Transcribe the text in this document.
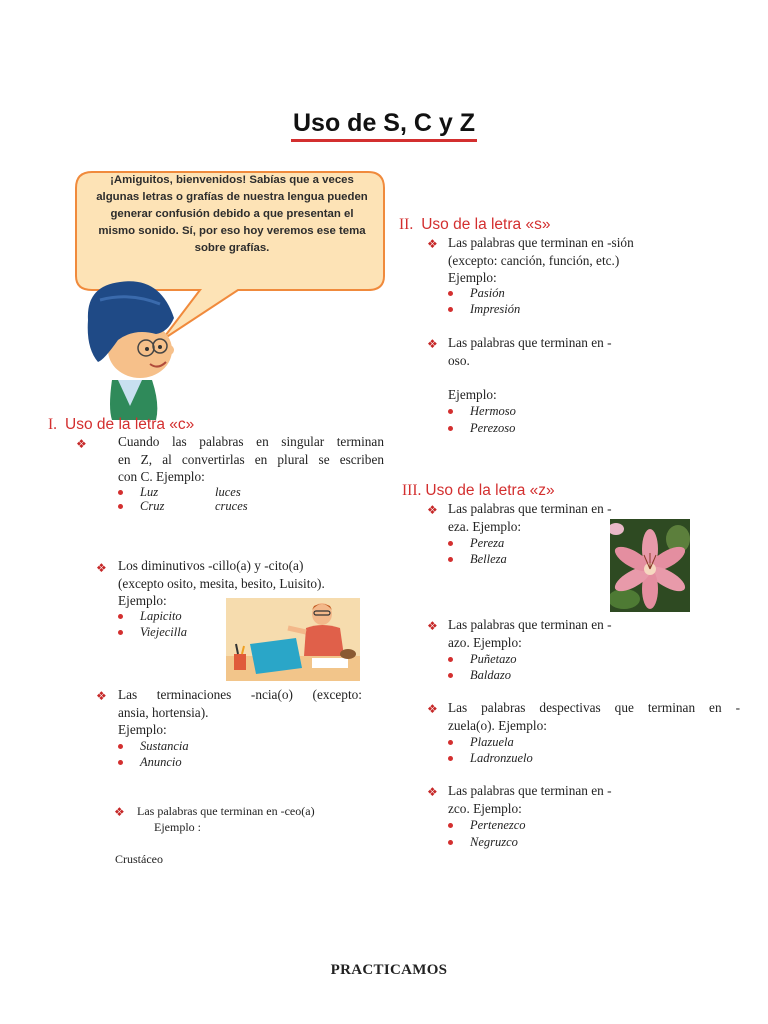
Uso de S, C y Z
¡Amiguitos, bienvenidos! Sabías que a veces
algunas letras o grafías de nuestra lengua pueden
generar confusión debido a que presentan el
mismo sonido. Sí, por eso hoy veremos ese tema
sobre grafías.
I. Uso de la letra «c»
❖ Cuando las palabras en singular terminan
en Z, al convertirlas en plural se escriben
con C. Ejemplo:
Luz	luces
Cruz	cruces
❖ Los diminutivos -cillo(a) y -cito(a)
(excepto osito, mesita, besito, Luisito).
Ejemplo:
Lapicito
Viejecilla
❖ Las terminaciones -ncia(o) (excepto:
ansia, hortensia).
Ejemplo:
Sustancia
Anuncio
❖ Las palabras que terminan en -ceo(a)
Ejemplo :
Crustáceo
II. Uso de la letra «s»
❖ Las palabras que terminan en -sión
(excepto: canción, función, etc.)
Ejemplo:
Pasión
Impresión
❖ Las palabras que terminan en -
oso.
Ejemplo:
Hermoso
Perezoso
III. Uso de la letra «z»
❖ Las palabras que terminan en -
eza. Ejemplo:
Pereza
Belleza
❖ Las palabras que terminan en -
azo. Ejemplo:
Puñetazo
Baldazo
❖ Las palabras despectivas que terminan en -
zuela(o). Ejemplo:
Plazuela
Ladronzuelo
❖ Las palabras que terminan en -
zco. Ejemplo:
Pertenezco
Negruzco
PRACTICAMOS
